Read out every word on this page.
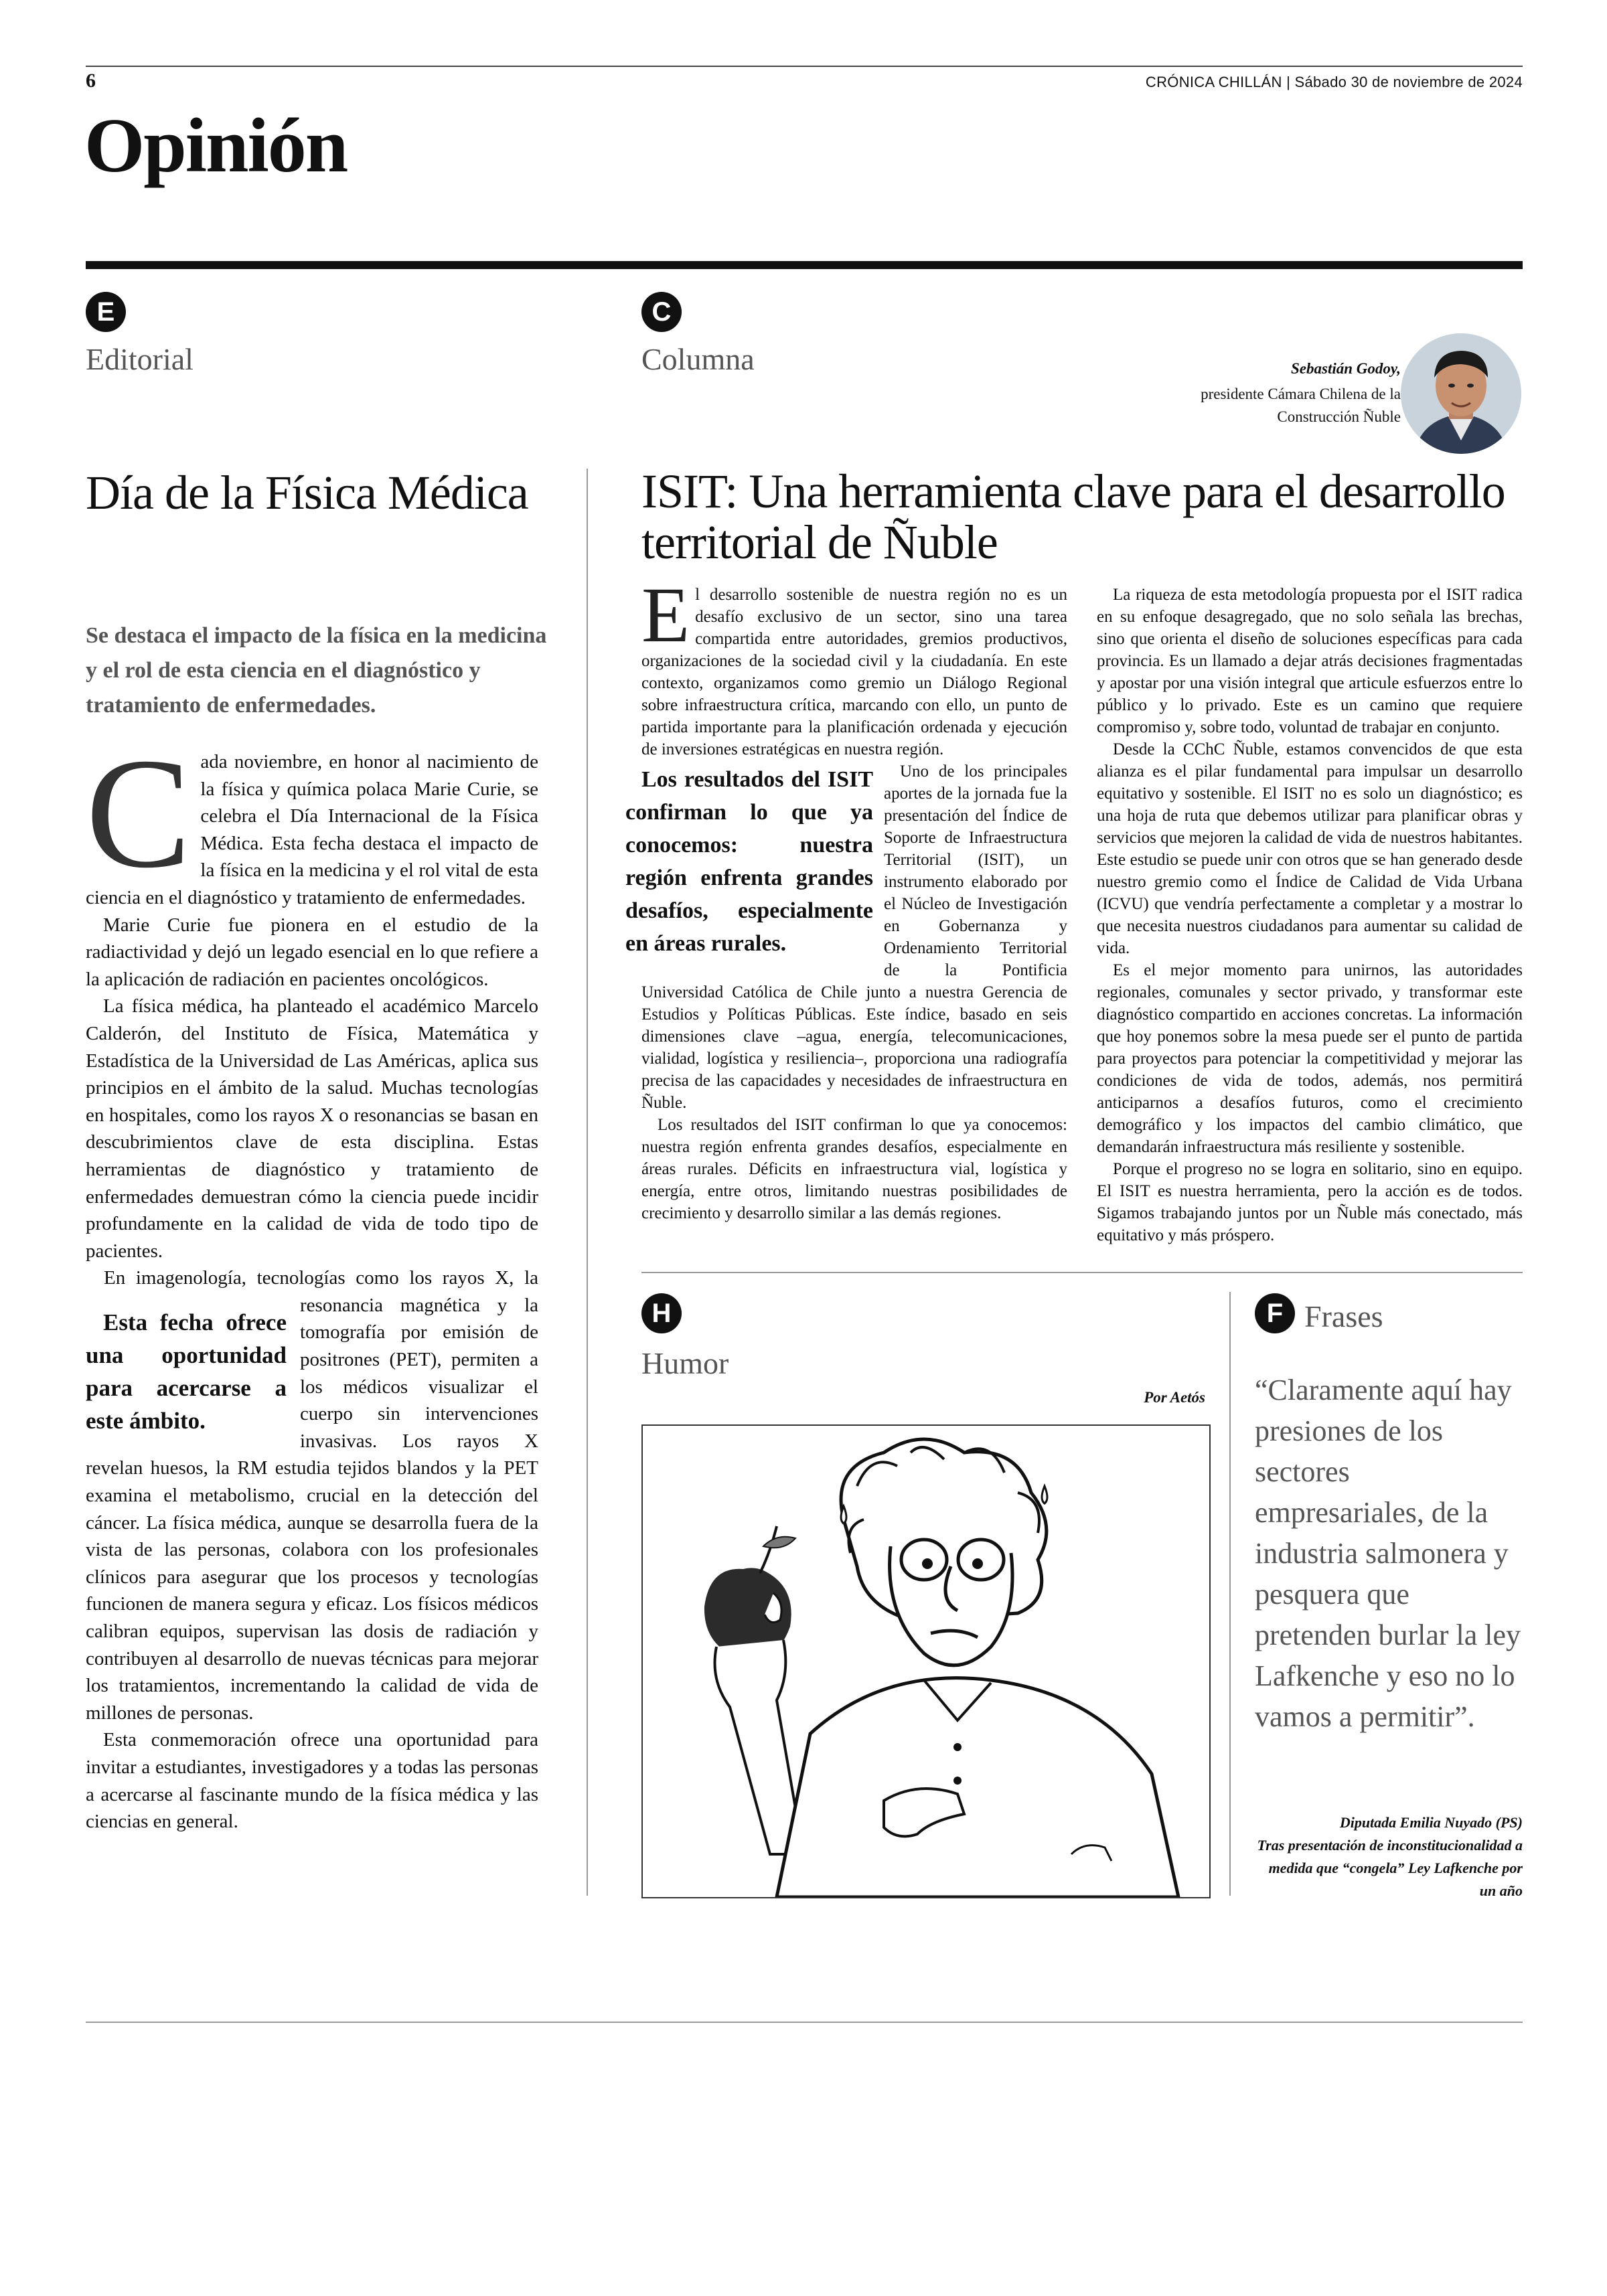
6	CRÓNICA CHILLÁN | Sábado 30 de noviembre de 2024
Opinión
E
Editorial
C
Columna	Sebastián Godoy,
presidente Cámara Chilena de la Construcción Ñuble
Día de la Física Médica
Se destaca el impacto de la física en la medicina y el rol de esta ciencia en el diagnóstico y tratamiento de enfermedades.

Cada noviembre, en honor al nacimiento de la física y química polaca Marie Curie, se celebra el Día Internacional de la Física Médica. Esta fecha destaca el impacto de la física en la medicina y el rol vital de esta ciencia en el diagnóstico y tratamiento de enfermedades.

Marie Curie fue pionera en el estudio de la radiactividad y dejó un legado esencial en lo que refiere a la aplicación de radiación en pacientes oncológicos.

La física médica, ha planteado el académico Marcelo Calderón, del Instituto de Física, Matemática y Estadística de la Universidad de Las Américas, aplica sus principios en el ámbito de la salud. Muchas tecnologías en hospitales, como los rayos X o resonancias se basan en descubrimientos clave de esta disciplina. Estas herramientas de diagnóstico y tratamiento de enfermedades demuestran cómo la ciencia puede incidir profundamente en la calidad de vida de todo tipo de pacientes.

Esta fecha ofrece una oportunidad para acercarse a este ámbito.
En imagenología, tecnologías como los rayos X, la resonancia magnética y la tomografía por emisión de positrones (PET), permiten a los médicos visualizar el cuerpo sin intervenciones invasivas. Los rayos X revelan huesos, la RM estudia tejidos blandos y la PET examina el metabolismo, crucial en la detección del cáncer. La física médica, aunque se desarrolla fuera de la vista de las personas, colabora con los profesionales clínicos para asegurar que los procesos y tecnologías funcionen de manera segura y eficaz. Los físicos médicos calibran equipos, supervisan las dosis de radiación y contribuyen al desarrollo de nuevas técnicas para mejorar los tratamientos, incrementando la calidad de vida de millones de personas.

Esta conmemoración ofrece una oportunidad para invitar a estudiantes, investigadores y a todas las personas a acercarse al fascinante mundo de la física médica y las ciencias en general.

ISIT: Una herramienta clave para el desarrollo territorial de Ñuble

El desarrollo sostenible de nuestra región no es un desafío exclusivo de un sector, sino una tarea compartida entre autoridades, gremios productivos, organizaciones de la sociedad civil y la ciudadanía. En este contexto, organizamos como gremio un Diálogo Regional sobre infraestructura crítica, marcando con ello, un punto de partida importante para la planificación ordenada y ejecución de inversiones estratégicas en nuestra región.

Los resultados del ISIT confirman lo que ya conocemos: nuestra región enfrenta grandes desafíos, especialmente en áreas rurales.
Uno de los principales aportes de la jornada fue la presentación del Índice de Soporte de Infraestructura Territorial (ISIT), un instrumento elaborado por el Núcleo de Investigación en Gobernanza y Ordenamiento Territorial de la Pontificia Universidad Católica de Chile junto a nuestra Gerencia de Estudios y Políticas Públicas. Este índice, basado en seis dimensiones clave –agua, energía, telecomunicaciones, vialidad, logística y resiliencia–, proporciona una radiografía precisa de las capacidades y necesidades de infraestructura en Ñuble.

Los resultados del ISIT confirman lo que ya conocemos: nuestra región enfrenta grandes desafíos, especialmente en áreas rurales. Déficits en infraestructura vial, logística y energía, entre otros, limitando nuestras posibilidades de crecimiento y desarrollo similar a las demás regiones.

La riqueza de esta metodología propuesta por el ISIT radica en su enfoque desagregado, que no solo señala las brechas, sino que orienta el diseño de soluciones específicas para cada provincia. Es un llamado a dejar atrás decisiones fragmentadas y apostar por una visión integral que articule esfuerzos entre lo público y lo privado. Este es un camino que requiere compromiso y, sobre todo, voluntad de trabajar en conjunto.

Desde la CChC Ñuble, estamos convencidos de que esta alianza es el pilar fundamental para impulsar un desarrollo equitativo y sostenible. El ISIT no es solo un diagnóstico; es una hoja de ruta que debemos utilizar para planificar obras y servicios que mejoren la calidad de vida de nuestros habitantes. Este estudio se puede unir con otros que se han generado desde nuestro gremio como el Índice de Calidad de Vida Urbana (ICVU) que vendría perfectamente a completar y a mostrar lo que necesita nuestros ciudadanos para aumentar su calidad de vida.

Es el mejor momento para unirnos, las autoridades regionales, comunales y sector privado, y transformar este diagnóstico compartido en acciones concretas. La información que hoy ponemos sobre la mesa puede ser el punto de partida para proyectos para potenciar la competitividad y mejorar las condiciones de vida de todos, además, nos permitirá anticiparnos a desafíos futuros, como el crecimiento demográfico y los impactos del cambio climático, que demandarán infraestructura más resiliente y sostenible.

Porque el progreso no se logra en solitario, sino en equipo. El ISIT es nuestra herramienta, pero la acción es de todos. Sigamos trabajando juntos por un Ñuble más conectado, más equitativo y más próspero.

H
Humor
Por Aetós
F Frases
“Claramente aquí hay presiones de los sectores empresariales, de la industria salmonera y pesquera que pretenden burlar la ley Lafkenche y eso no lo vamos a permitir”.
Diputada Emilia Nuyado (PS)
Tras presentación de inconstitucionalidad a medida que “congela” Ley Lafkenche por un año
